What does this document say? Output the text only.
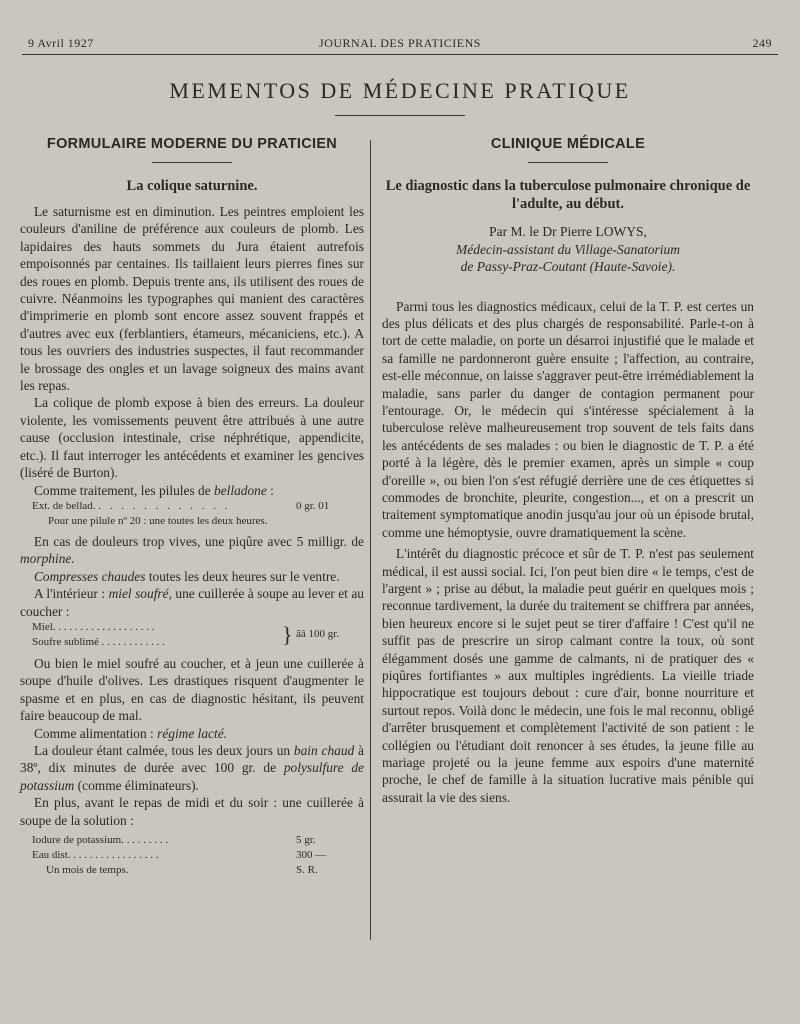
9 Avril 1927	JOURNAL DES PRATICIENS	249
MEMENTOS DE MÉDECINE PRATIQUE
FORMULAIRE MODERNE DU PRATICIEN
La colique saturnine.

Le saturnisme est en diminution. Les peintres emploient les couleurs d'aniline de préférence aux couleurs de plomb. Les lapidaires des hauts sommets du Jura étaient autrefois empoisonnés par centaines. Ils taillaient leurs pierres fines sur des roues en plomb. Depuis trente ans, ils utilisent des roues de cuivre. Néanmoins les typographes qui manient des caractères d'imprimerie en plomb sont encore assez souvent frappés et d'autres avec eux (ferblantiers, étameurs, mécaniciens, etc.). A tous les ouvriers des industries suspectes, il faut recommander le brossage des ongles et un lavage soigneux des mains avant les repas.

La colique de plomb expose à bien des erreurs. La douleur violente, les vomissements peuvent être attribués à une autre cause (occlusion intestinale, crise néphrétique, appendicite, etc.). Il faut interroger les antécédents et examiner les gencives (liséré de Burton).

Comme traitement, les pilules de belladone :

Ext. de bellad. . . . . . . . . . . . .	0 gr. 01
Pour une pilule nº 20 : une toutes les deux heures.

En cas de douleurs trop vives, une piqûre avec 5 milligr. de morphine.

Compresses chaudes toutes les deux heures sur le ventre.

A l'intérieur : miel soufré, une cuillerée à soupe au lever et au coucher :

Miel. . . . . . . . . . . . . . . . . . .
Soufre sublimé . . . . . . . . . . . .	} ââ 100 gr.

Ou bien le miel soufré au coucher, et à jeun une cuillerée à soupe d'huile d'olives. Les drastiques risquent d'augmenter le spasme et en plus, en cas de diagnostic hésitant, ils peuvent faire beaucoup de mal.

Comme alimentation : régime lacté.

La douleur étant calmée, tous les deux jours un bain chaud à 38º, dix minutes de durée avec 100 gr. de polysulfure de potassium (comme éliminateurs).

En plus, avant le repas de midi et du soir : une cuillerée à soupe de la solution :

Iodure de potassium. . . . . . . . .	5 gr.
Eau dist. . . . . . . . . . . . . . . . .	300 —
Un mois de temps.	S. R.
CLINIQUE MÉDICALE
Le diagnostic dans la tuberculose pulmonaire chronique de l'adulte, au début.
Par M. le Dr Pierre LOWYS,
Médecin-assistant du Village-Sanatorium
de Passy-Praz-Coutant (Haute-Savoie).

Parmi tous les diagnostics médicaux, celui de la T. P. est certes un des plus délicats et des plus chargés de responsabilité. Parle-t-on à tort de cette maladie, on porte un désarroi injustifié que le malade et sa famille ne pardonneront guère ensuite ; l'affection, au contraire, est-elle méconnue, on laisse s'aggraver peut-être irrémédiablement la maladie, sans parler du danger de contagion permanent pour l'entourage. Or, le médecin qui s'intéresse spécialement à la tuberculose relève malheureusement trop souvent de tels faits dans les antécédents de ses malades : ou bien le diagnostic de T. P. a été porté à la légère, dès le premier examen, après un simple « coup d'oreille », ou bien l'on s'est réfugié derrière une de ces étiquettes si commodes de bronchite, pleurite, congestion..., et on a prescrit un traitement symptomatique anodin jusqu'au jour où un épisode brutal, comme une hémoptysie, ouvre dramatiquement la scène.

L'intérêt du diagnostic précoce et sûr de T. P. n'est pas seulement médical, il est aussi social. Ici, l'on peut bien dire « le temps, c'est de l'argent » ; prise au début, la maladie peut guérir en quelques mois ; reconnue tardivement, la durée du traitement se chiffrera par années, bien heureux encore si le sujet peut se tirer d'affaire ! C'est qu'il ne suffit pas de prescrire un sirop calmant contre la toux, où sont élégamment dosés une gamme de calmants, ni de pratiquer des « piqûres fortifiantes » aux multiples ingrédients. La vieille triade hippocratique est toujours debout : cure d'air, bonne nourriture et surtout repos. Voilà donc le médecin, une fois le mal reconnu, obligé d'arrêter brusquement et complètement l'activité de son patient : le collégien ou l'étudiant doit renoncer à ses études, la jeune fille au mariage projeté ou la jeune femme aux espoirs d'une maternité proche, le chef de famille à la situation lucrative mais pénible qui assurait la vie des siens.
